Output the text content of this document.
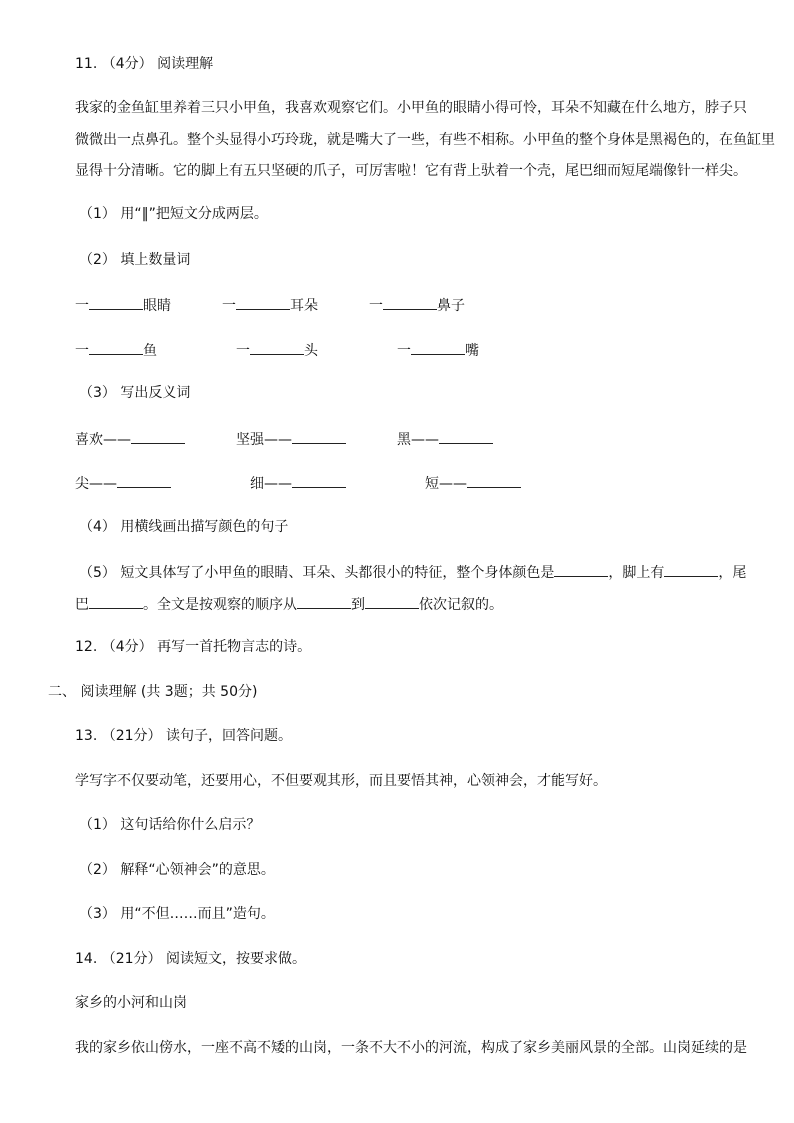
11. （4分） 阅读理解
我家的金鱼缸里养着三只小甲鱼，我喜欢观察它们。小甲鱼的眼睛小得可怜，耳朵不知藏在什么地方，脖子只
微微出一点鼻孔。整个头显得小巧玲珑，就是嘴大了一些，有些不相称。小甲鱼的整个身体是黑褐色的，在鱼缸里
显得十分清晰。它的脚上有五只坚硬的爪子，可厉害啦！它有背上驮着一个壳，尾巴细而短尾端像针一样尖。
（1） 用“‖”把短文分成两层。
（2） 填上数量词
一	眼睛	一	耳朵	一	鼻子
一	鱼	一	头	一	嘴
（3） 写出反义词
喜欢——	坚强——	黑——
尖——	细——	短——
（4） 用横线画出描写颜色的句子
（5） 短文具体写了小甲鱼的眼睛、耳朵、头都很小的特征，整个身体颜色是	，脚上有	，尾
巴	。全文是按观察的顺序从	到	依次记叙的。
12. （4分） 再写一首托物言志的诗。
二、 阅读理解 (共 3题；共 50分)
13. （21分） 读句子，回答问题。
学写字不仅要动笔，还要用心，不但要观其形，而且要悟其神，心领神会，才能写好。
（1） 这句话给你什么启示？
（2） 解释“心领神会”的意思。
（3） 用“不但……而且”造句。
14. （21分） 阅读短文，按要求做。
家乡的小河和山岗
我的家乡依山傍水，一座不高不矮的山岗，一条不大不小的河流，构成了家乡美丽风景的全部。山岗延续的是
